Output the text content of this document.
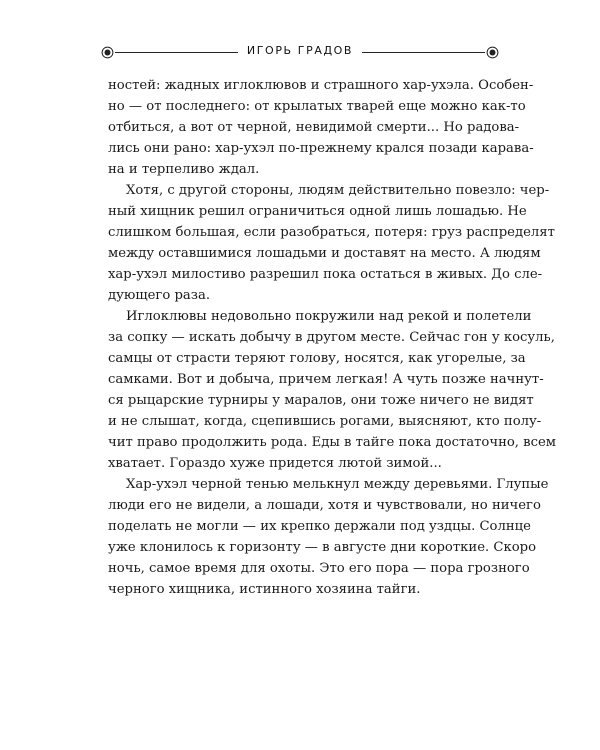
ИГОРЬ ГРАДОВ
ностей: жадных иглоклювов и страшного хар-ухэла. Особен-
но — от последнего: от крылатых тварей еще можно как-то
отбиться, а вот от черной, невидимой смерти... Но радова-
лись они рано: хар-ухэл по-прежнему крался позади карава-
на и терпеливо ждал.
Хотя, с другой стороны, людям действительно повезло: чер-
ный хищник решил ограничиться одной лишь лошадью. Не
слишком большая, если разобраться, потеря: груз распределят
между оставшимися лошадьми и доставят на место. А людям
хар-ухэл милостиво разрешил пока остаться в живых. До сле-
дующего раза.
Иглоклювы недовольно покружили над рекой и полетели
за сопку — искать добычу в другом месте. Сейчас гон у косуль,
самцы от страсти теряют голову, носятся, как угорелые, за
самками. Вот и добыча, причем легкая! А чуть позже начнут-
ся рыцарские турниры у маралов, они тоже ничего не видят
и не слышат, когда, сцепившись рогами, выясняют, кто полу-
чит право продолжить рода. Еды в тайге пока достаточно, всем
хватает. Гораздо хуже придется лютой зимой...
Хар-ухэл черной тенью мелькнул между деревьями. Глупые
люди его не видели, а лошади, хотя и чувствовали, но ничего
поделать не могли — их крепко держали под уздцы. Солнце
уже клонилось к горизонту — в августе дни короткие. Скоро
ночь, самое время для охоты. Это его пора — пора грозного
черного хищника, истинного хозяина тайги.
